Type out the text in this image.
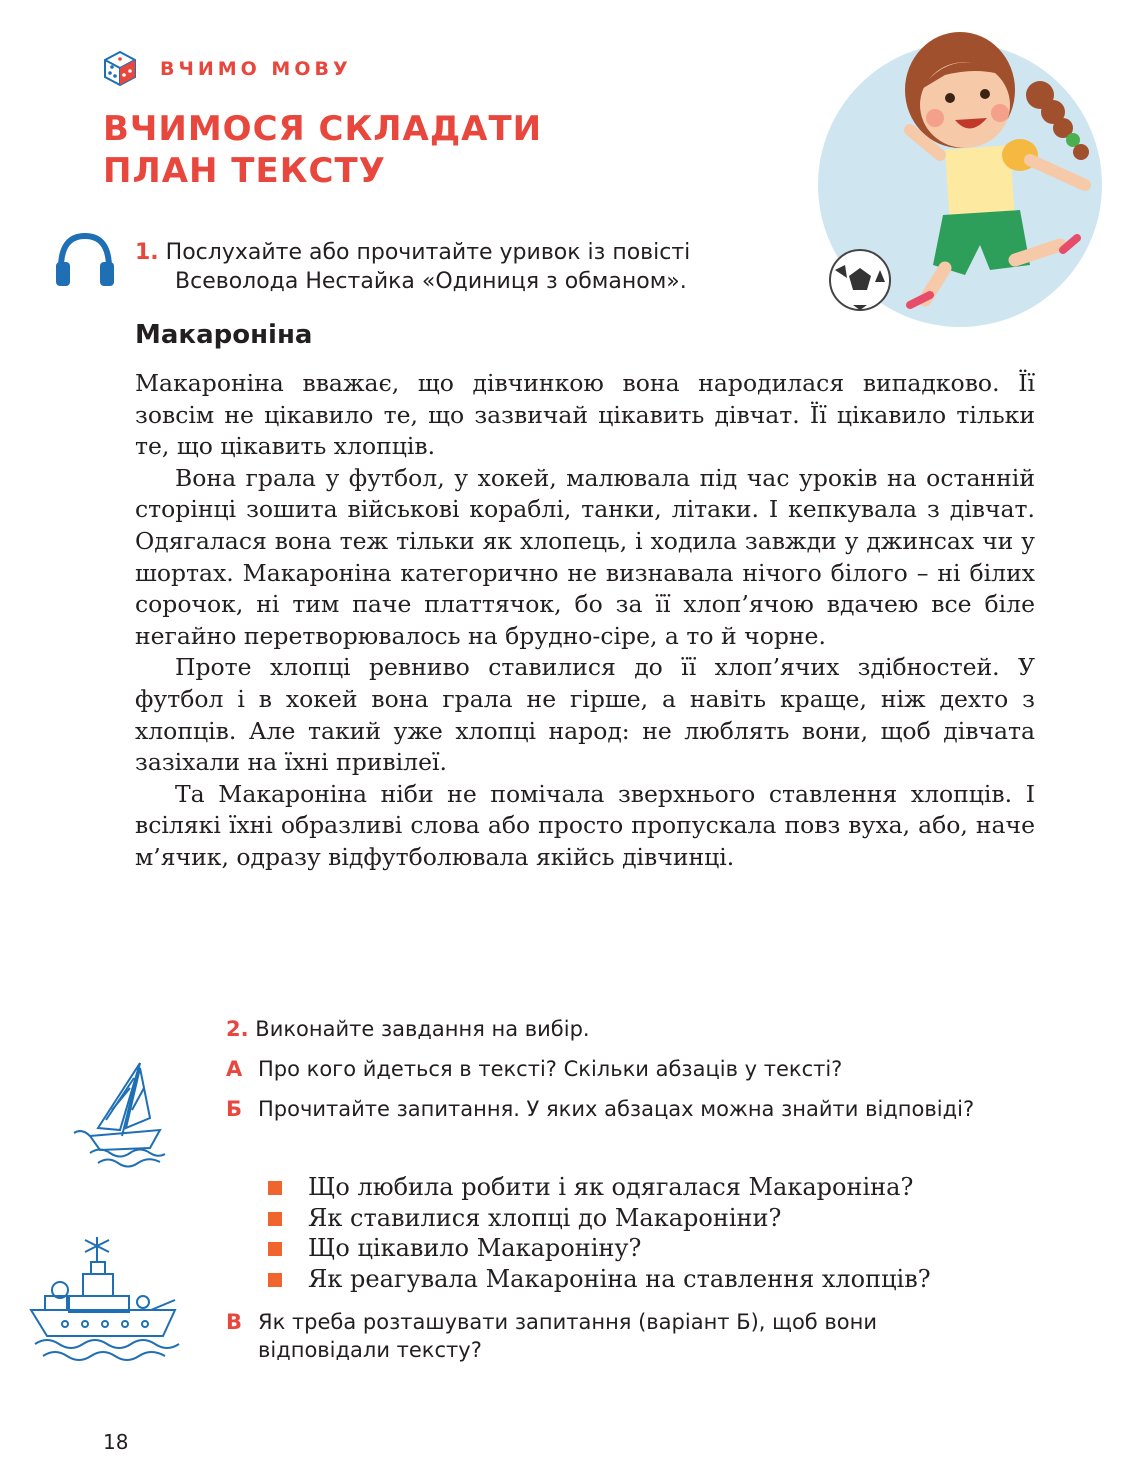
ВЧИМО МОВУ
ВЧИМОСЯ СКЛАДАТИ
ПЛАН ТЕКСТУ
1. Послухайте або прочитайте уривок із повісті
Всеволода Нестайка «Одиниця з обманом».
Макароніна

Макароніна вважає, що дівчинкою вона народилася випадково. Її зовсім не цікавило те, що зазвичай цікавить дівчат. Її цікавило тільки те, що цікавить хлопців.

Вона грала у футбол, у хокей, малювала під час уроків на останній сторінці зошита військові кораблі, танки, літаки. І кепкувала з дівчат. Одягалася вона теж тільки як хлопець, і ходила завжди у джинсах чи у шортах. Макароніна категорично не визнавала нічого білого – ні білих сорочок, ні тим паче платтячок, бо за її хлоп’ячою вдачею все біле негайно перетворювалось на брудно-сіре, а то й чорне.

Проте хлопці ревниво ставилися до її хлоп’ячих здібностей. У футбол і в хокей вона грала не гірше, а навіть краще, ніж дехто з хлопців. Але такий уже хлопці народ: не люблять вони, щоб дівчата зазіхали на їхні привілеї.

Та Макароніна ніби не помічала зверхнього ставлення хлопців. І всілякі їхні образливі слова або просто пропускала повз вуха, або, наче м’ячик, одразу відфутболювала якійсь дівчинці.

2. Виконайте завдання на вибір.
А Про кого йдеться в тексті? Скільки абзаців у тексті?
Б Прочитайте запитання. У яких абзацах можна знайти відповіді?
Що любила робити і як одягалася Макароніна?
Як ставилися хлопці до Макароніни?
Що цікавило Макароніну?
Як реагувала Макароніна на ставлення хлопців?
В Як треба розташувати запитання (варіант Б), щоб вони відповідали тексту?
18
